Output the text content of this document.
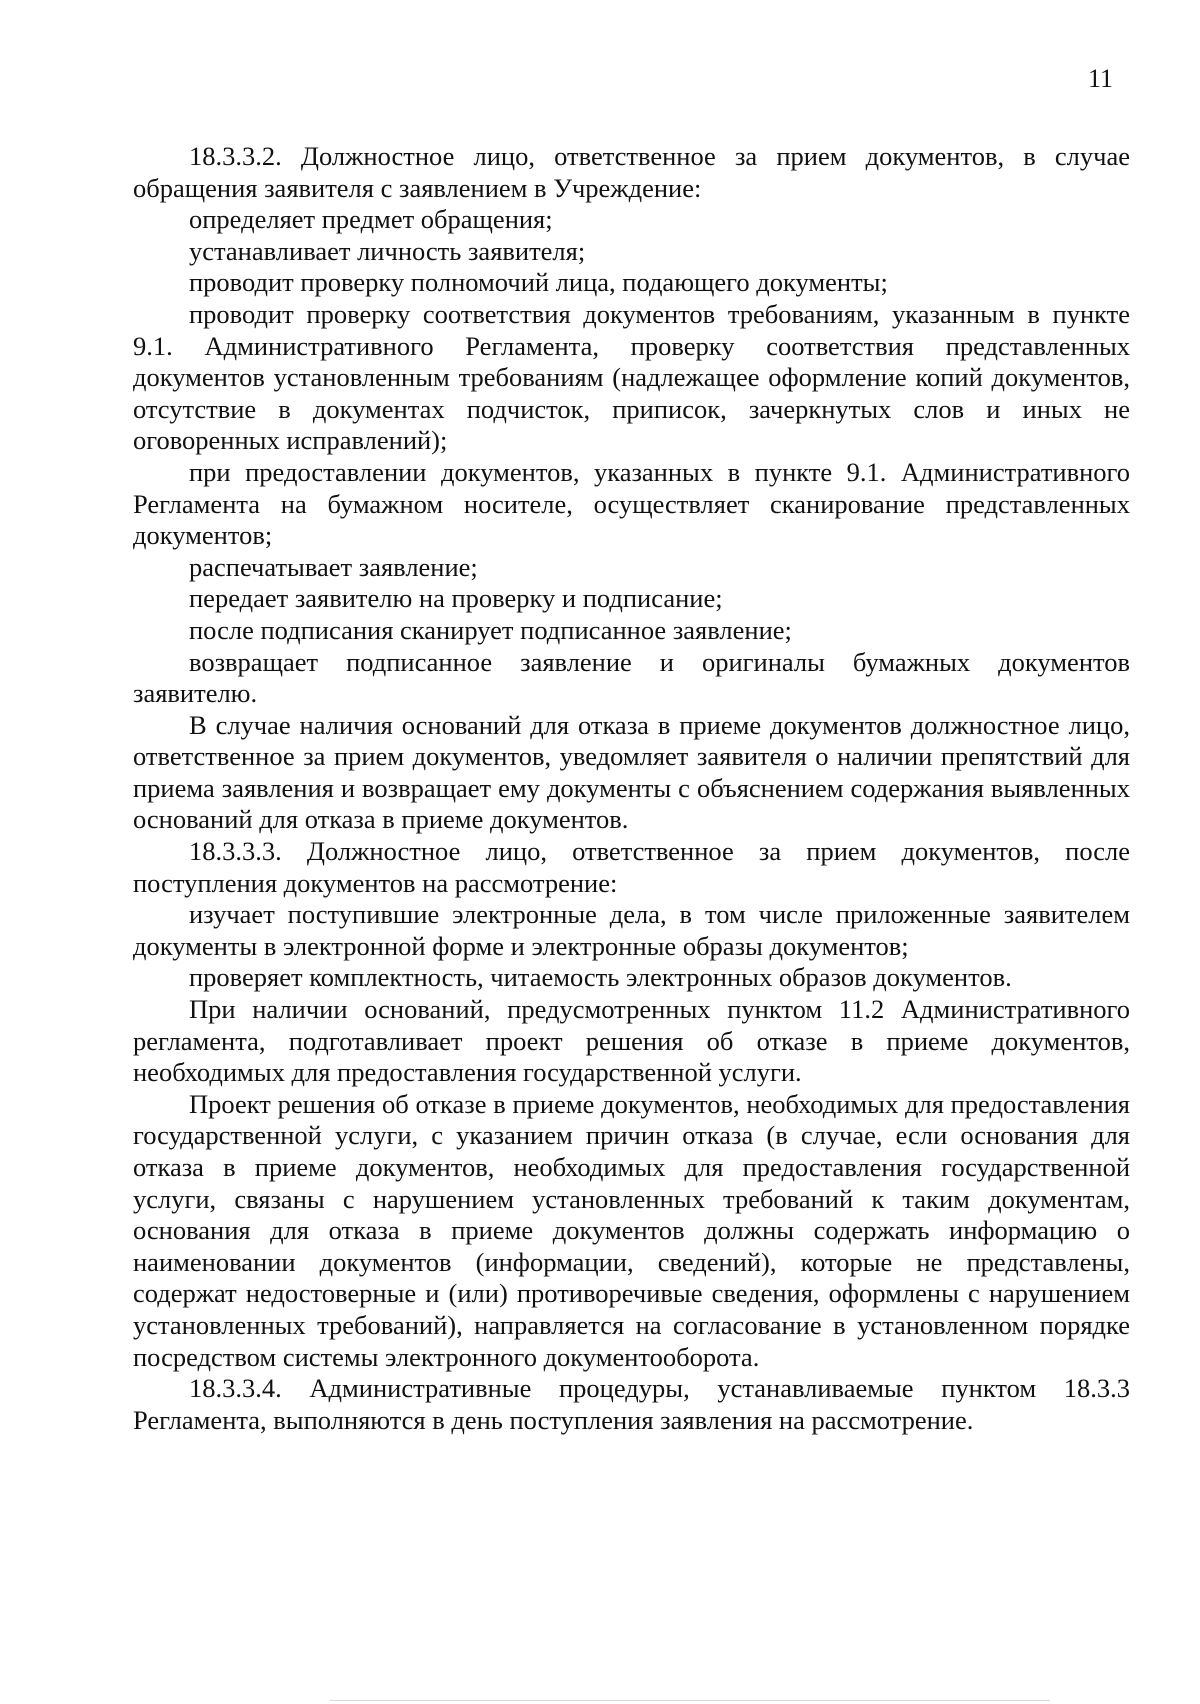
11

18.3.3.2. Должностное лицо, ответственное за прием документов, в случае обращения заявителя с заявлением в Учреждение:

определяет предмет обращения;

устанавливает личность заявителя;

проводит проверку полномочий лица, подающего документы;

проводит проверку соответствия документов требованиям, указанным в пункте 9.1. Административного Регламента, проверку соответствия представленных документов установленным требованиям (надлежащее оформление копий документов, отсутствие в документах подчисток, приписок, зачеркнутых слов и иных не оговоренных исправлений);

при предоставлении документов, указанных в пункте 9.1. Административного Регламента на бумажном носителе, осуществляет сканирование представленных документов;

распечатывает заявление;

передает заявителю на проверку и подписание;

после подписания сканирует подписанное заявление;

возвращает подписанное заявление и оригиналы бумажных документов заявителю.

В случае наличия оснований для отказа в приеме документов должностное лицо, ответственное за прием документов, уведомляет заявителя о наличии препятствий для приема заявления и возвращает ему документы с объяснением содержания выявленных оснований для отказа в приеме документов.

18.3.3.3. Должностное лицо, ответственное за прием документов, после поступления документов на рассмотрение:

изучает поступившие электронные дела, в том числе приложенные заявителем документы в электронной форме и электронные образы документов;

проверяет комплектность, читаемость электронных образов документов.

При наличии оснований, предусмотренных пунктом 11.2 Административного регламента, подготавливает проект решения об отказе в приеме документов, необходимых для предоставления государственной услуги.

Проект решения об отказе в приеме документов, необходимых для предоставления государственной услуги, с указанием причин отказа (в случае, если основания для отказа в приеме документов, необходимых для предоставления государственной услуги, связаны с нарушением установленных требований к таким документам, основания для отказа в приеме документов должны содержать информацию о наименовании документов (информации, сведений), которые не представлены, содержат недостоверные и (или) противоречивые сведения, оформлены с нарушением установленных требований), направляется на согласование в установленном порядке посредством системы электронного документооборота.

18.3.3.4. Административные процедуры, устанавливаемые пунктом 18.3.3 Регламента, выполняются в день поступления заявления на рассмотрение.
